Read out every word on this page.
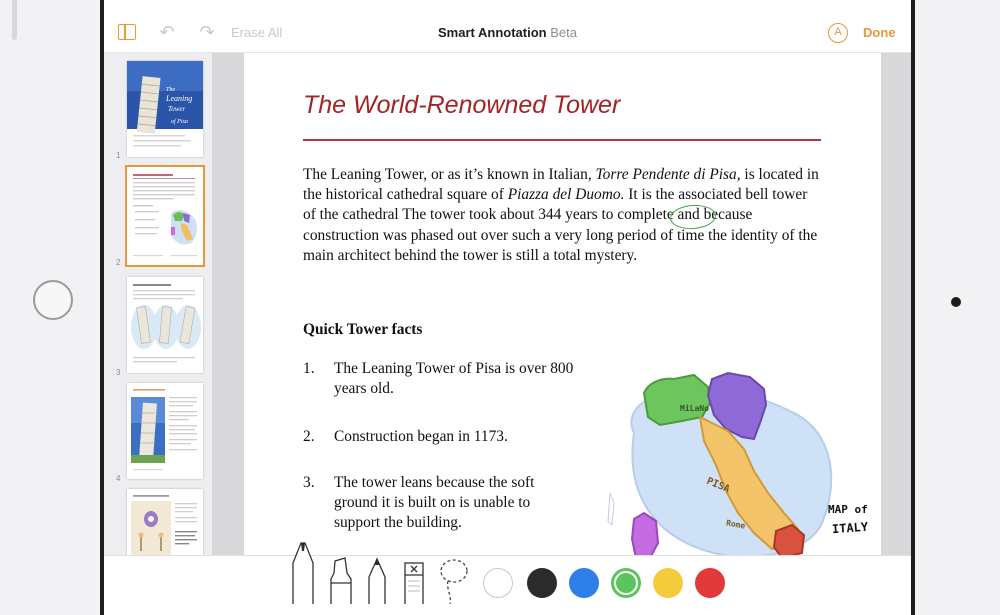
↶ ↷ Erase All	Smart Annotation Beta	A	Done
The
Leaning
Tower
of Pisa
1
2
3
4
The World-Renowned Tower
The Leaning Tower, or as it’s known in Italian, Torre Pendente di Pisa, is located in the historical cathedral square of Piazza del Duomo. It is the associated bell tower of the cathedral The tower took about 344 years to complete and because construction was phased out over such a very long period of time the identity of the main architect behind the tower is still a total mystery.
Quick Tower facts
1. The Leaning Tower of Pisa is over 800 years old.
2. Construction began in 1173.
3. The tower leans because the soft ground it is built on is unable to support the building.
MiLaNo
PISA
Rome
MAP of
ITALY
